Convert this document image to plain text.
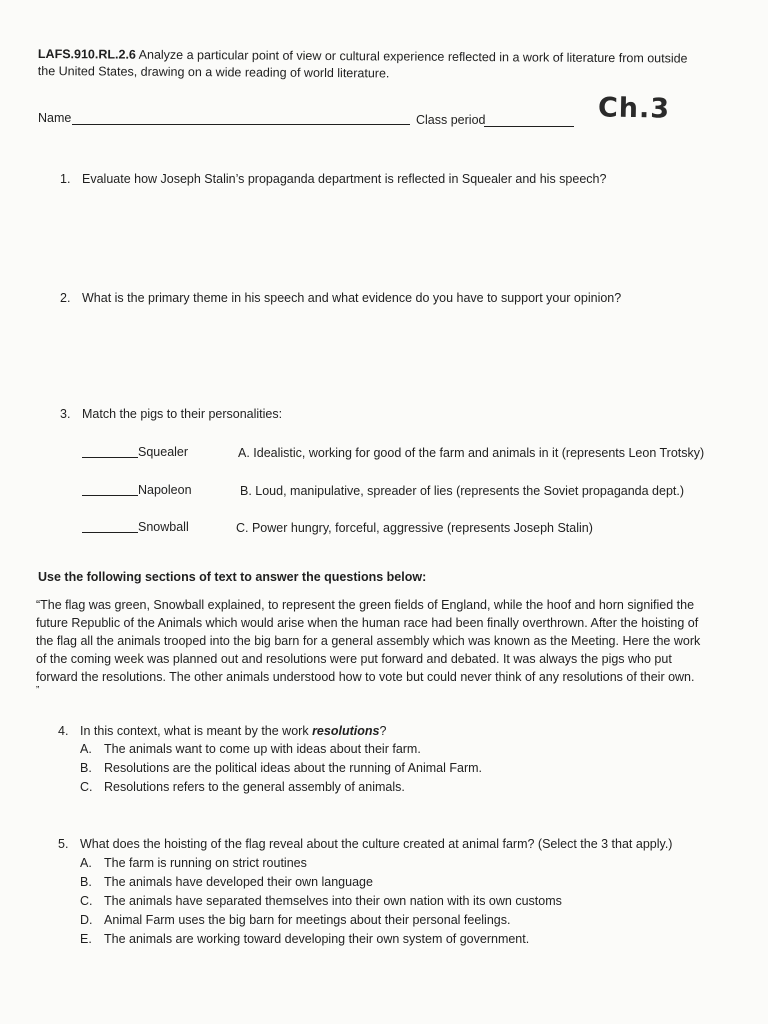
LAFS.910.RL.2.6 Analyze a particular point of view or cultural experience reflected in a work of literature from outside
the United States, drawing on a wide reading of world literature.
Name	Class period	Ch.3
1. Evaluate how Joseph Stalin’s propaganda department is reflected in Squealer and his speech?
2. What is the primary theme in his speech and what evidence do you have to support your opinion?
3. Match the pigs to their personalities:
Squealer	A. Idealistic, working for good of the farm and animals in it (represents Leon Trotsky)
Napoleon	B. Loud, manipulative, spreader of lies (represents the Soviet propaganda dept.)
Snowball	C. Power hungry, forceful, aggressive (represents Joseph Stalin)
Use the following sections of text to answer the questions below:

“The flag was green, Snowball explained, to represent the green fields of England, while the hoof and horn signified the

future Republic of the Animals which would arise when the human race had been finally overthrown. After the hoisting of

the flag all the animals trooped into the big barn for a general assembly which was known as the Meeting. Here the work

of the coming week was planned out and resolutions were put forward and debated. It was always the pigs who put

forward the resolutions. The other animals understood how to vote but could never think of any resolutions of their own.

”

4. In this context, what is meant by the work resolutions?
A. The animals want to come up with ideas about their farm.
B. Resolutions are the political ideas about the running of Animal Farm.
C. Resolutions refers to the general assembly of animals.
5. What does the hoisting of the flag reveal about the culture created at animal farm? (Select the 3 that apply.)
A. The farm is running on strict routines
B. The animals have developed their own language
C. The animals have separated themselves into their own nation with its own customs
D. Animal Farm uses the big barn for meetings about their personal feelings.
E. The animals are working toward developing their own system of government.
